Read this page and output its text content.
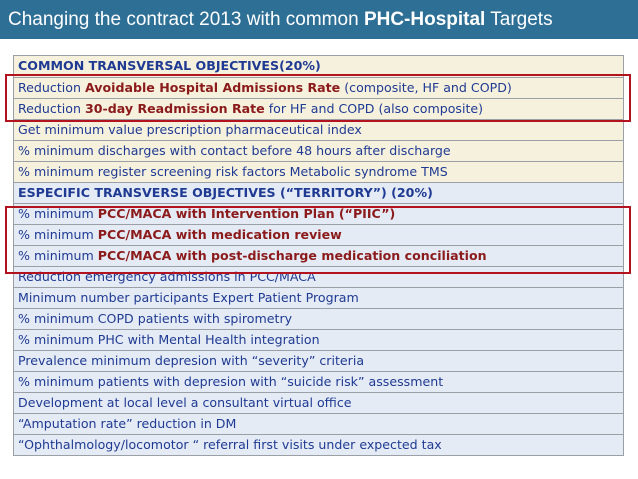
Changing the contract 2013 with common PHC-Hospital Targets
COMMON TRANSVERSAL OBJECTIVES(20%)
Reduction Avoidable Hospital Admissions Rate (composite, HF and COPD)
Reduction 30-day Readmission Rate for HF and COPD (also composite)
Get minimum value prescription pharmaceutical index
% minimum discharges with contact before 48 hours after discharge
% minimum register screening risk factors Metabolic syndrome TMS
ESPECIFIC TRANSVERSE OBJECTIVES (“TERRITORY”) (20%)
% minimum PCC/MACA with Intervention Plan (“PIIC”)
% minimum PCC/MACA with medication review
% minimum PCC/MACA with post-discharge medication conciliation
Reduction emergency admissions in PCC/MACA
Minimum number participants Expert Patient Program
% minimum COPD patients with spirometry
% minimum PHC with Mental Health integration
Prevalence minimum depresion with “severity” criteria
% minimum patients with depresion with “suicide risk” assessment
Development at local level a consultant virtual office
“Amputation rate” reduction in DM
“Ophthalmology/locomotor “ referral first visits under expected tax
